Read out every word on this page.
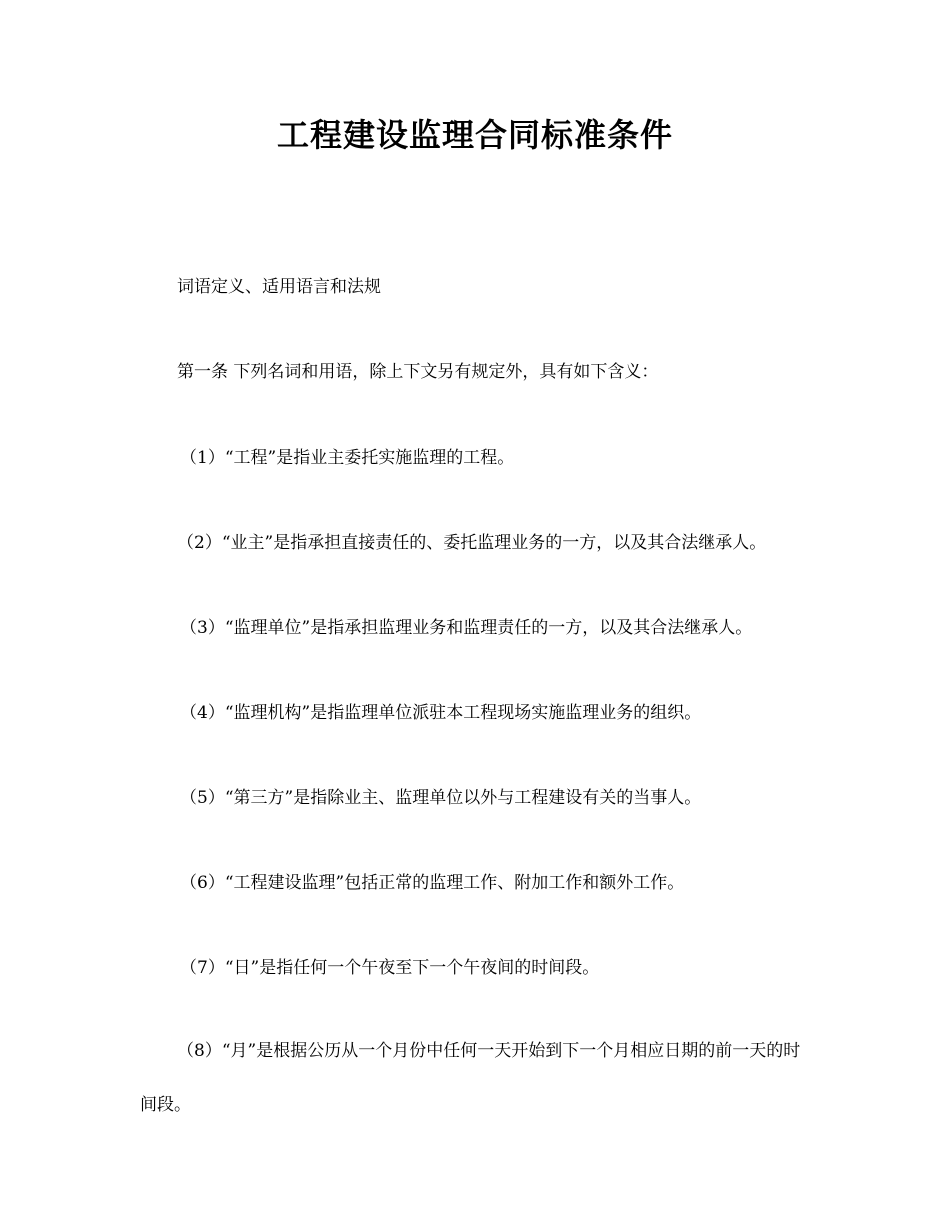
工程建设监理合同标准条件
词语定义、适用语言和法规
第一条 下列名词和用语，除上下文另有规定外，具有如下含义：
（1）“工程”是指业主委托实施监理的工程。
（2）“业主”是指承担直接责任的、委托监理业务的一方，以及其合法继承人。
（3）“监理单位”是指承担监理业务和监理责任的一方，以及其合法继承人。
（4）“监理机构”是指监理单位派驻本工程现场实施监理业务的组织。
（5）“第三方”是指除业主、监理单位以外与工程建设有关的当事人。
（6）“工程建设监理”包括正常的监理工作、附加工作和额外工作。
（7）“日”是指任何一个午夜至下一个午夜间的时间段。
（8）“月”是根据公历从一个月份中任何一天开始到下一个月相应日期的前一天的时间段。
